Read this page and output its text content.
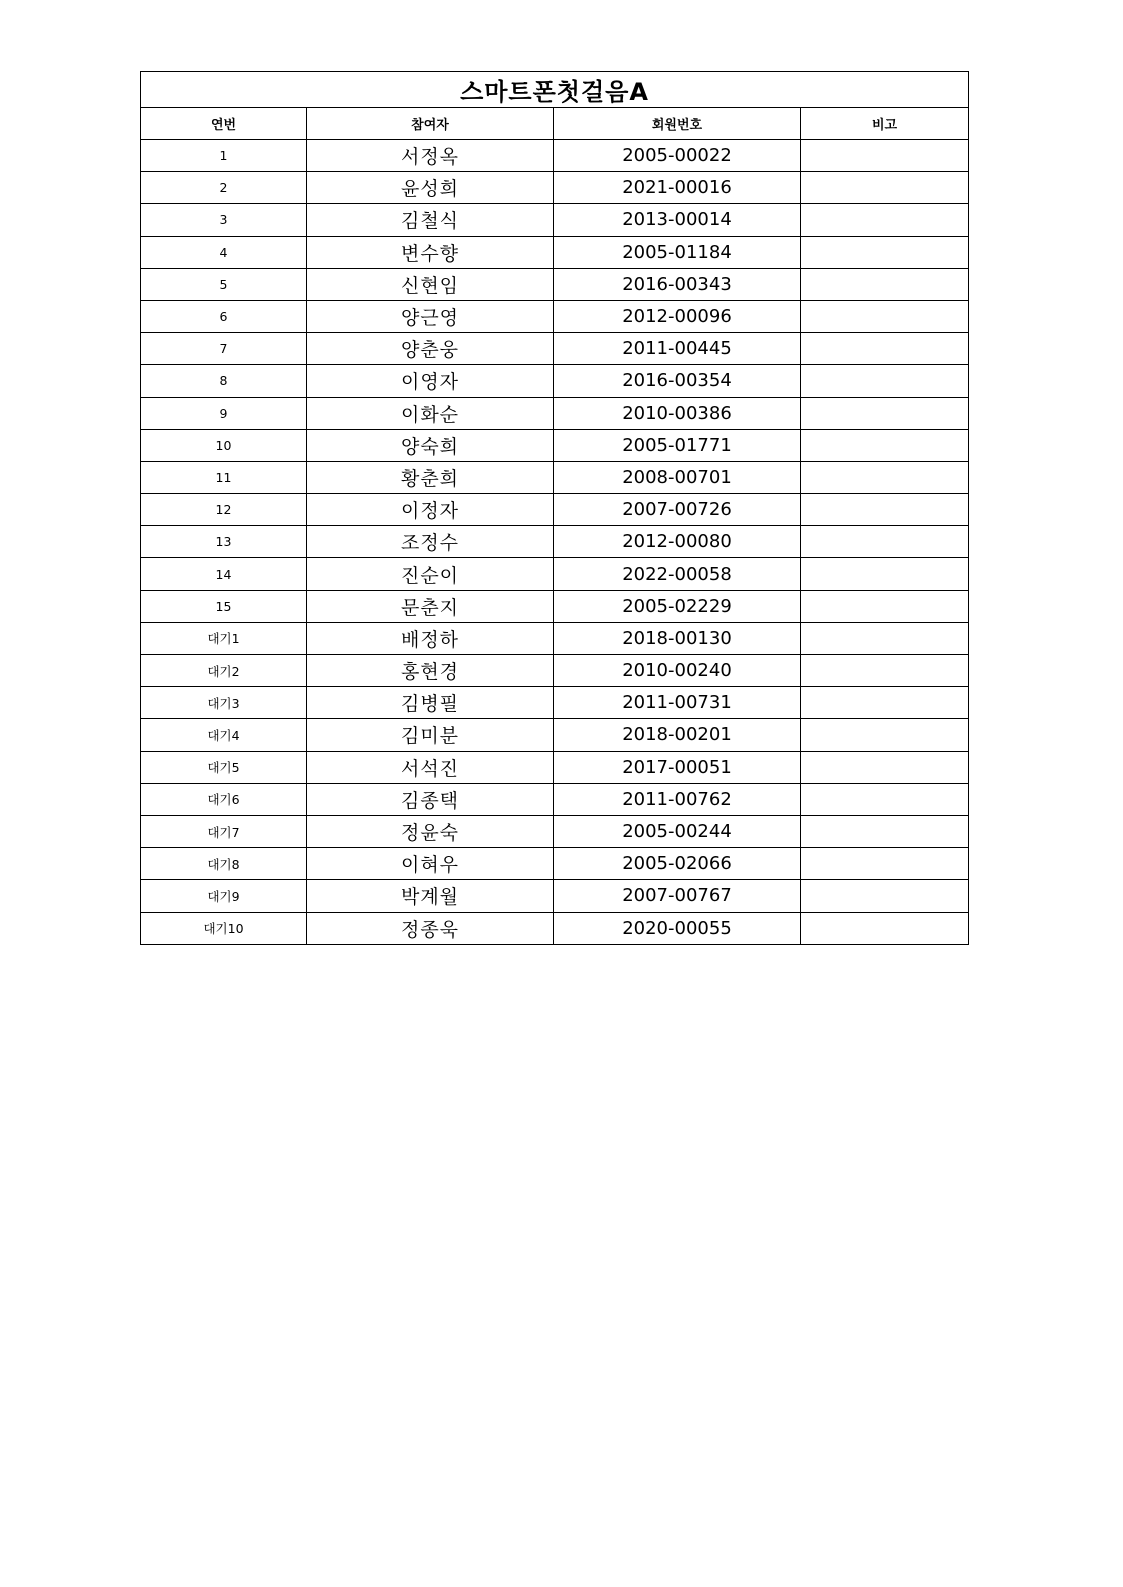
스마트폰첫걸음A			
연번	참여자	회원번호	비고
1	서정옥	2005-00022	
2	윤성희	2021-00016	
3	김철식	2013-00014	
4	변수향	2005-01184	
5	신현임	2016-00343	
6	양근영	2012-00096	
7	양춘웅	2011-00445	
8	이영자	2016-00354	
9	이화순	2010-00386	
10	양숙희	2005-01771	
11	황춘희	2008-00701	
12	이정자	2007-00726	
13	조정수	2012-00080	
14	진순이	2022-00058	
15	문춘지	2005-02229	
대기1	배정하	2018-00130	
대기2	홍현경	2010-00240	
대기3	김병필	2011-00731	
대기4	김미분	2018-00201	
대기5	서석진	2017-00051	
대기6	김종택	2011-00762	
대기7	정윤숙	2005-00244	
대기8	이혀우	2005-02066	
대기9	박계월	2007-00767	
대기10	정종욱	2020-00055	
